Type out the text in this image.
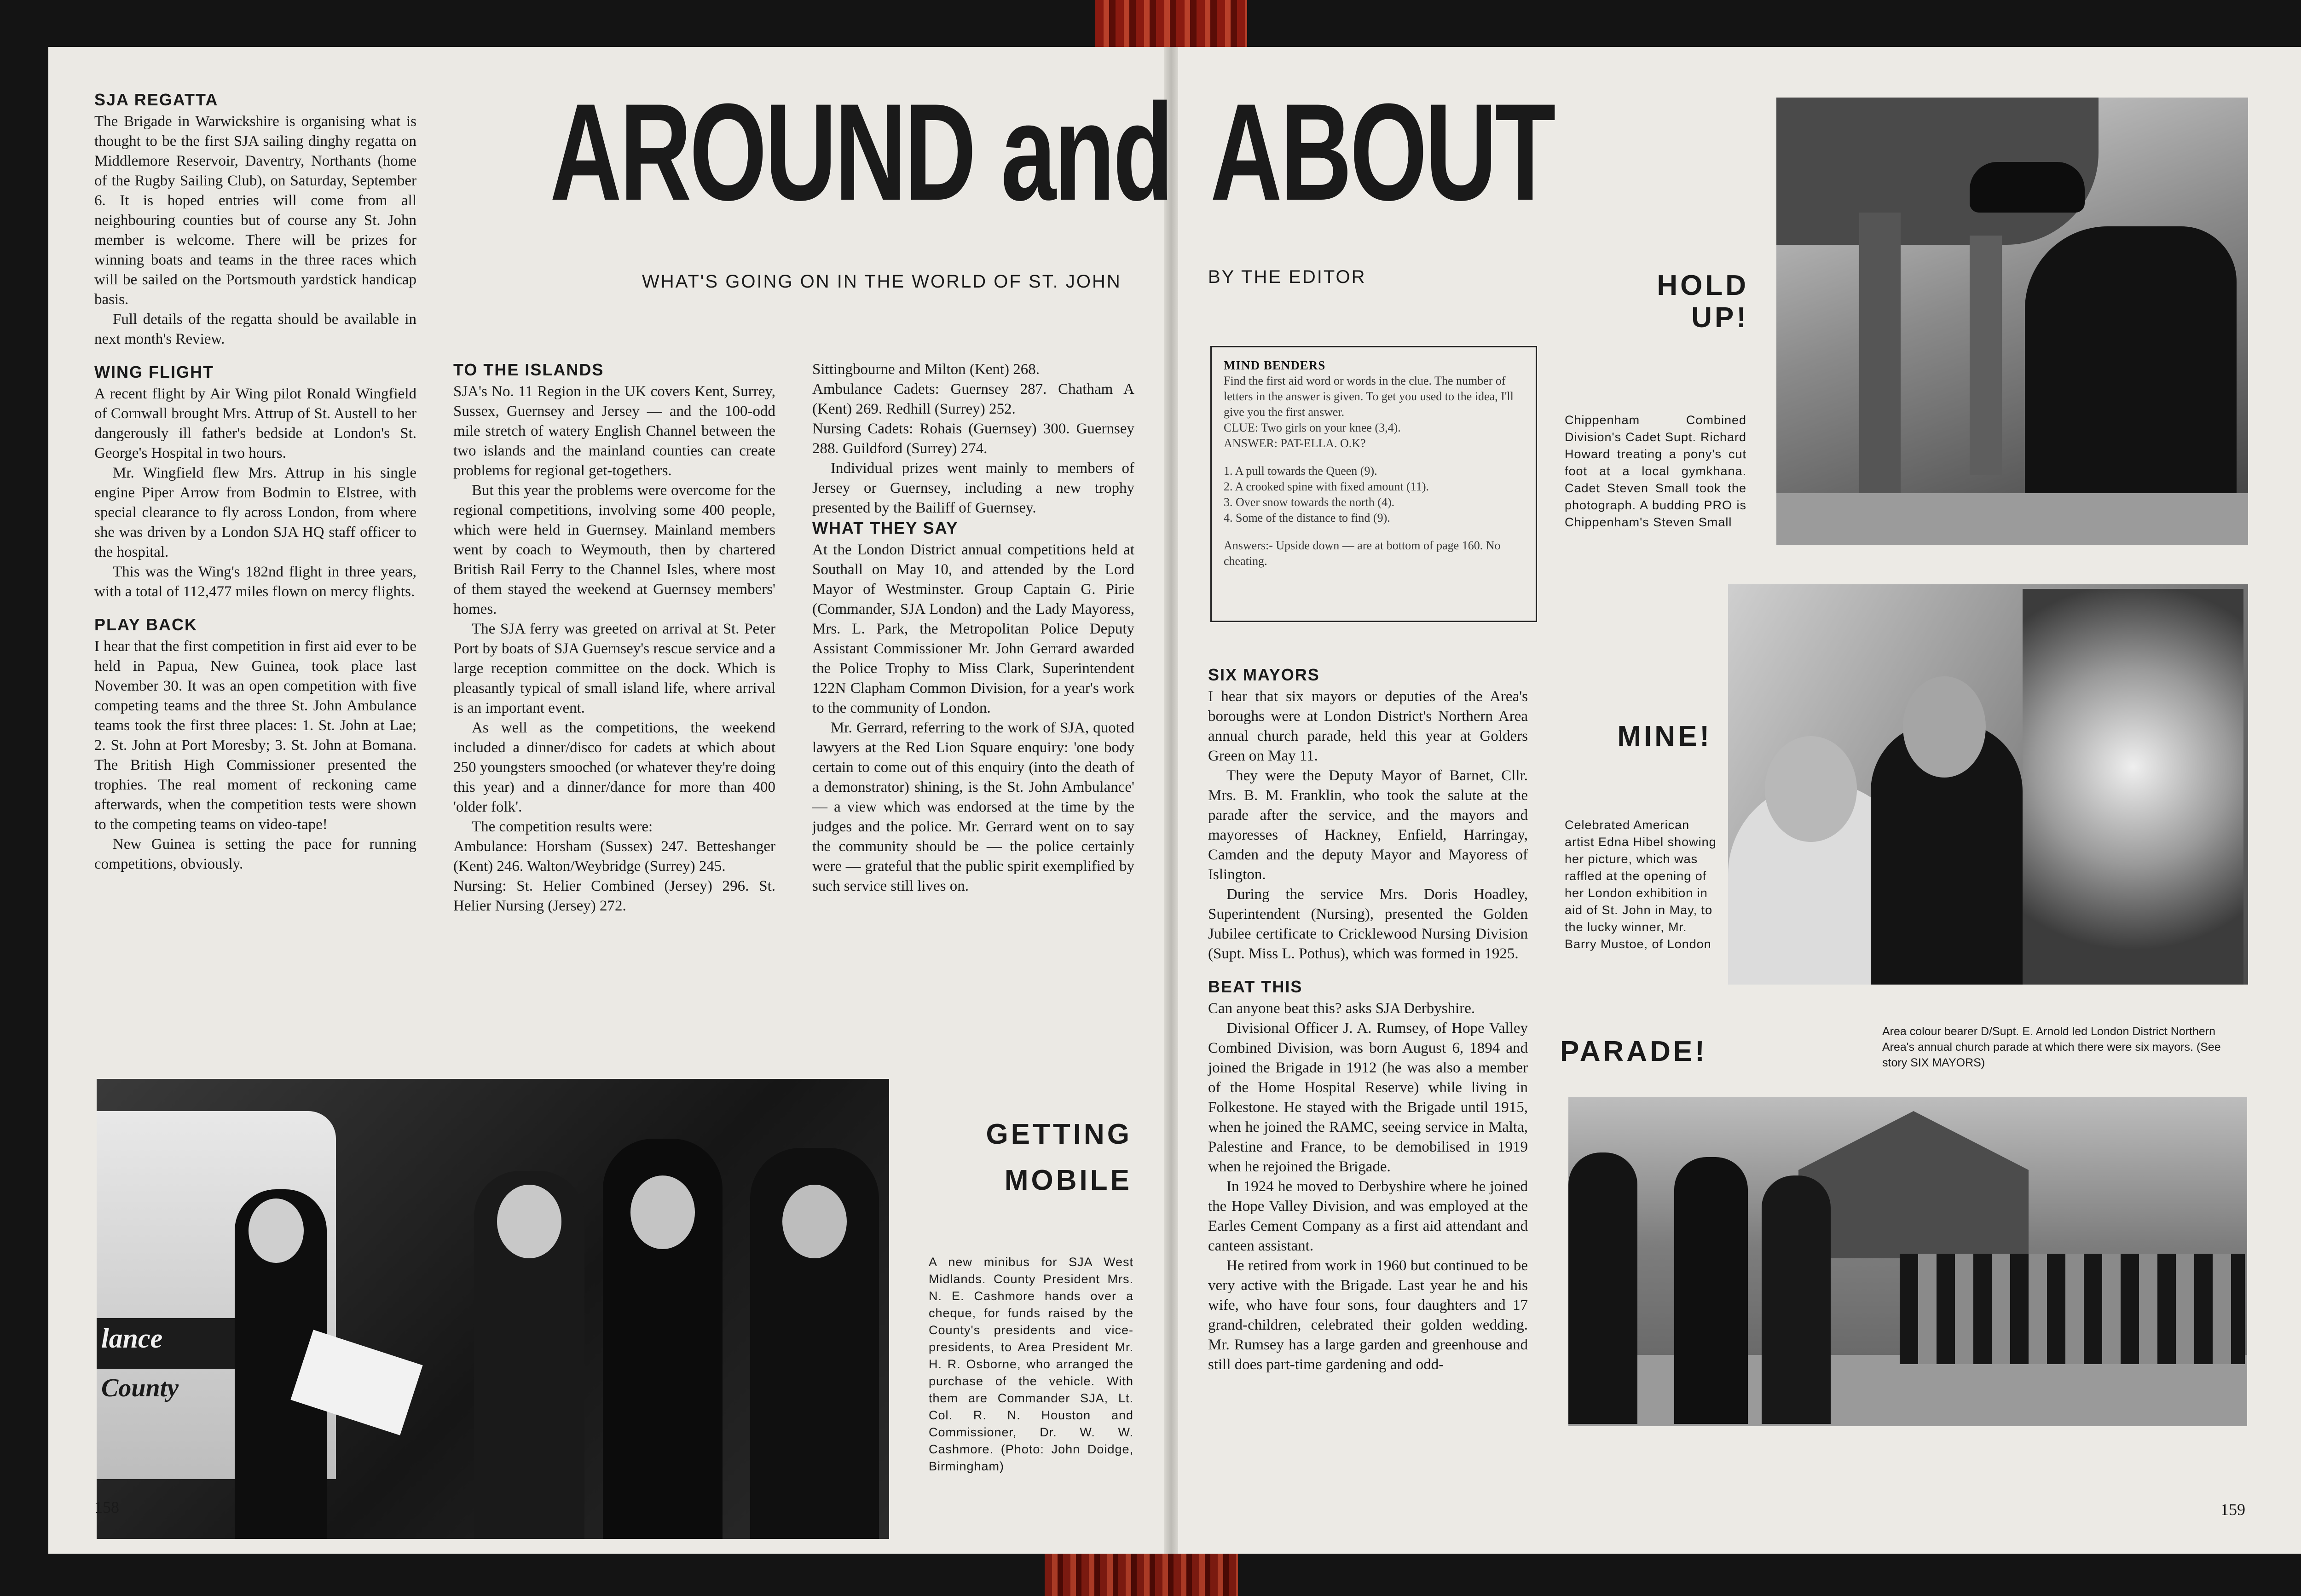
AROUND and ABOUT
WHAT'S GOING ON IN THE WORLD OF ST. JOHN	BY THE EDITOR
SJA REGATTA

The Brigade in Warwickshire is organising what is thought to be the first SJA sailing dinghy regatta on Middlemore Reservoir, Daventry, Northants (home of the Rugby Sailing Club), on Saturday, September 6. It is hoped entries will come from all neighbouring counties but of course any St. John member is welcome. There will be prizes for winning boats and teams in the three races which will be sailed on the Portsmouth yardstick handicap basis.

Full details of the regatta should be available in next month's Review.

WING FLIGHT

A recent flight by Air Wing pilot Ronald Wingfield of Cornwall brought Mrs. Attrup of St. Austell to her dangerously ill father's bedside at London's St. George's Hospital in two hours.

Mr. Wingfield flew Mrs. Attrup in his single engine Piper Arrow from Bodmin to Elstree, with special clearance to fly across London, from where she was driven by a London SJA HQ staff officer to the hospital.

This was the Wing's 182nd flight in three years, with a total of 112,477 miles flown on mercy flights.

PLAY BACK

I hear that the first competition in first aid ever to be held in Papua, New Guinea, took place last November 30. It was an open competition with five competing teams and the three St. John Ambulance teams took the first three places: 1. St. John at Lae; 2. St. John at Port Moresby; 3. St. John at Bomana. The British High Commissioner presented the trophies. The real moment of reckoning came afterwards, when the competition tests were shown to the competing teams on video-tape!

New Guinea is setting the pace for running competitions, obviously.

TO THE ISLANDS

SJA's No. 11 Region in the UK covers Kent, Surrey, Sussex, Guernsey and Jersey — and the 100-odd mile stretch of watery English Channel between the two islands and the mainland counties can create problems for regional get-togethers.

But this year the problems were overcome for the regional competitions, involving some 400 people, which were held in Guernsey. Mainland members went by coach to Weymouth, then by chartered British Rail Ferry to the Channel Isles, where most of them stayed the weekend at Guernsey members' homes.

The SJA ferry was greeted on arrival at St. Peter Port by boats of SJA Guernsey's rescue service and a large reception committee on the dock. Which is pleasantly typical of small island life, where arrival is an important event.

As well as the competitions, the weekend included a dinner/disco for cadets at which about 250 youngsters smooched (or whatever they're doing this year) and a dinner/dance for more than 400 'older folk'.

The competition results were:

Ambulance: Horsham (Sussex) 247. Betteshanger (Kent) 246. Walton/Weybridge (Surrey) 245.

Nursing: St. Helier Combined (Jersey) 296. St. Helier Nursing (Jersey) 272.

Sittingbourne and Milton (Kent) 268.

Ambulance Cadets: Guernsey 287. Chatham A (Kent) 269. Redhill (Surrey) 252.

Nursing Cadets: Rohais (Guernsey) 300. Guernsey 288. Guildford (Surrey) 274.

Individual prizes went mainly to members of Jersey or Guernsey, including a new trophy presented by the Bailiff of Guernsey.

WHAT THEY SAY

At the London District annual competitions held at Southall on May 10, and attended by the Lord Mayor of Westminster. Group Captain G. Pirie (Commander, SJA London) and the Lady Mayoress, Mrs. L. Park, the Metropolitan Police Deputy Assistant Commissioner Mr. John Gerrard awarded the Police Trophy to Miss Clark, Superintendent 122N Clapham Common Division, for a year's work to the community of London.

Mr. Gerrard, referring to the work of SJA, quoted lawyers at the Red Lion Square enquiry: 'one body certain to come out of this enquiry (into the death of a demonstrator) shining, is the St. John Ambulance' — a view which was endorsed at the time by the judges and the police. Mr. Gerrard went on to say the community should be — the police certainly were — grateful that the public spirit exemplified by such service still lives on.

lance
County
GETTING
MOBILE
A new minibus for SJA West Midlands. County President Mrs. N. E. Cashmore hands over a cheque, for funds raised by the County's presidents and vice-presidents, to Area President Mr. H. R. Osborne, who arranged the purchase of the vehicle. With them are Commander SJA, Lt. Col. R. N. Houston and Commissioner, Dr. W. W. Cashmore. (Photo: John Doidge, Birmingham)
158
MIND BENDERS
Find the first aid word or words in the clue. The number of letters in the answer is given. To get you used to the idea, I'll give you the first answer.
CLUE: Two girls on your knee (3,4).
ANSWER: PAT-ELLA. O.K?
1. A pull towards the Queen (9).
2. A crooked spine with fixed amount (11).
3. Over snow towards the north (4).
4. Some of the distance to find (9).
Answers:- Upside down — are at bottom of page 160. No cheating.
SIX MAYORS

I hear that six mayors or deputies of the Area's boroughs were at London District's Northern Area annual church parade, held this year at Golders Green on May 11.

They were the Deputy Mayor of Barnet, Cllr. Mrs. B. M. Franklin, who took the salute at the parade after the service, and the mayors and mayoresses of Hackney, Enfield, Harringay, Camden and the deputy Mayor and Mayoress of Islington.

During the service Mrs. Doris Hoadley, Superintendent (Nursing), presented the Golden Jubilee certificate to Cricklewood Nursing Division (Supt. Miss L. Pothus), which was formed in 1925.

BEAT THIS

Can anyone beat this? asks SJA Derbyshire.

Divisional Officer J. A. Rumsey, of Hope Valley Combined Division, was born August 6, 1894 and joined the Brigade in 1912 (he was also a member of the Home Hospital Reserve) while living in Folkestone. He stayed with the Brigade until 1915, when he joined the RAMC, seeing service in Malta, Palestine and France, to be demobilised in 1919 when he rejoined the Brigade.

In 1924 he moved to Derbyshire where he joined the Hope Valley Division, and was employed at the Earles Cement Company as a first aid attendant and canteen assistant.

He retired from work in 1960 but continued to be very active with the Brigade. Last year he and his wife, who have four sons, four daughters and 17 grand-children, celebrated their golden wedding. Mr. Rumsey has a large garden and greenhouse and still does part-time gardening and odd-

HOLD
UP!
Chippenham Combined Division's Cadet Supt. Richard Howard treating a pony's cut foot at a local gymkhana. Cadet Steven Small took the photograph. A budding PRO is Chippenham's Steven Small
MINE!
Celebrated American artist Edna Hibel showing her picture, which was raffled at the opening of her London exhibition in aid of St. John in May, to the lucky winner, Mr. Barry Mustoe, of London
PARADE!
Area colour bearer D/Supt. E. Arnold led London District Northern Area's annual church parade at which there were six mayors. (See story SIX MAYORS)
159
